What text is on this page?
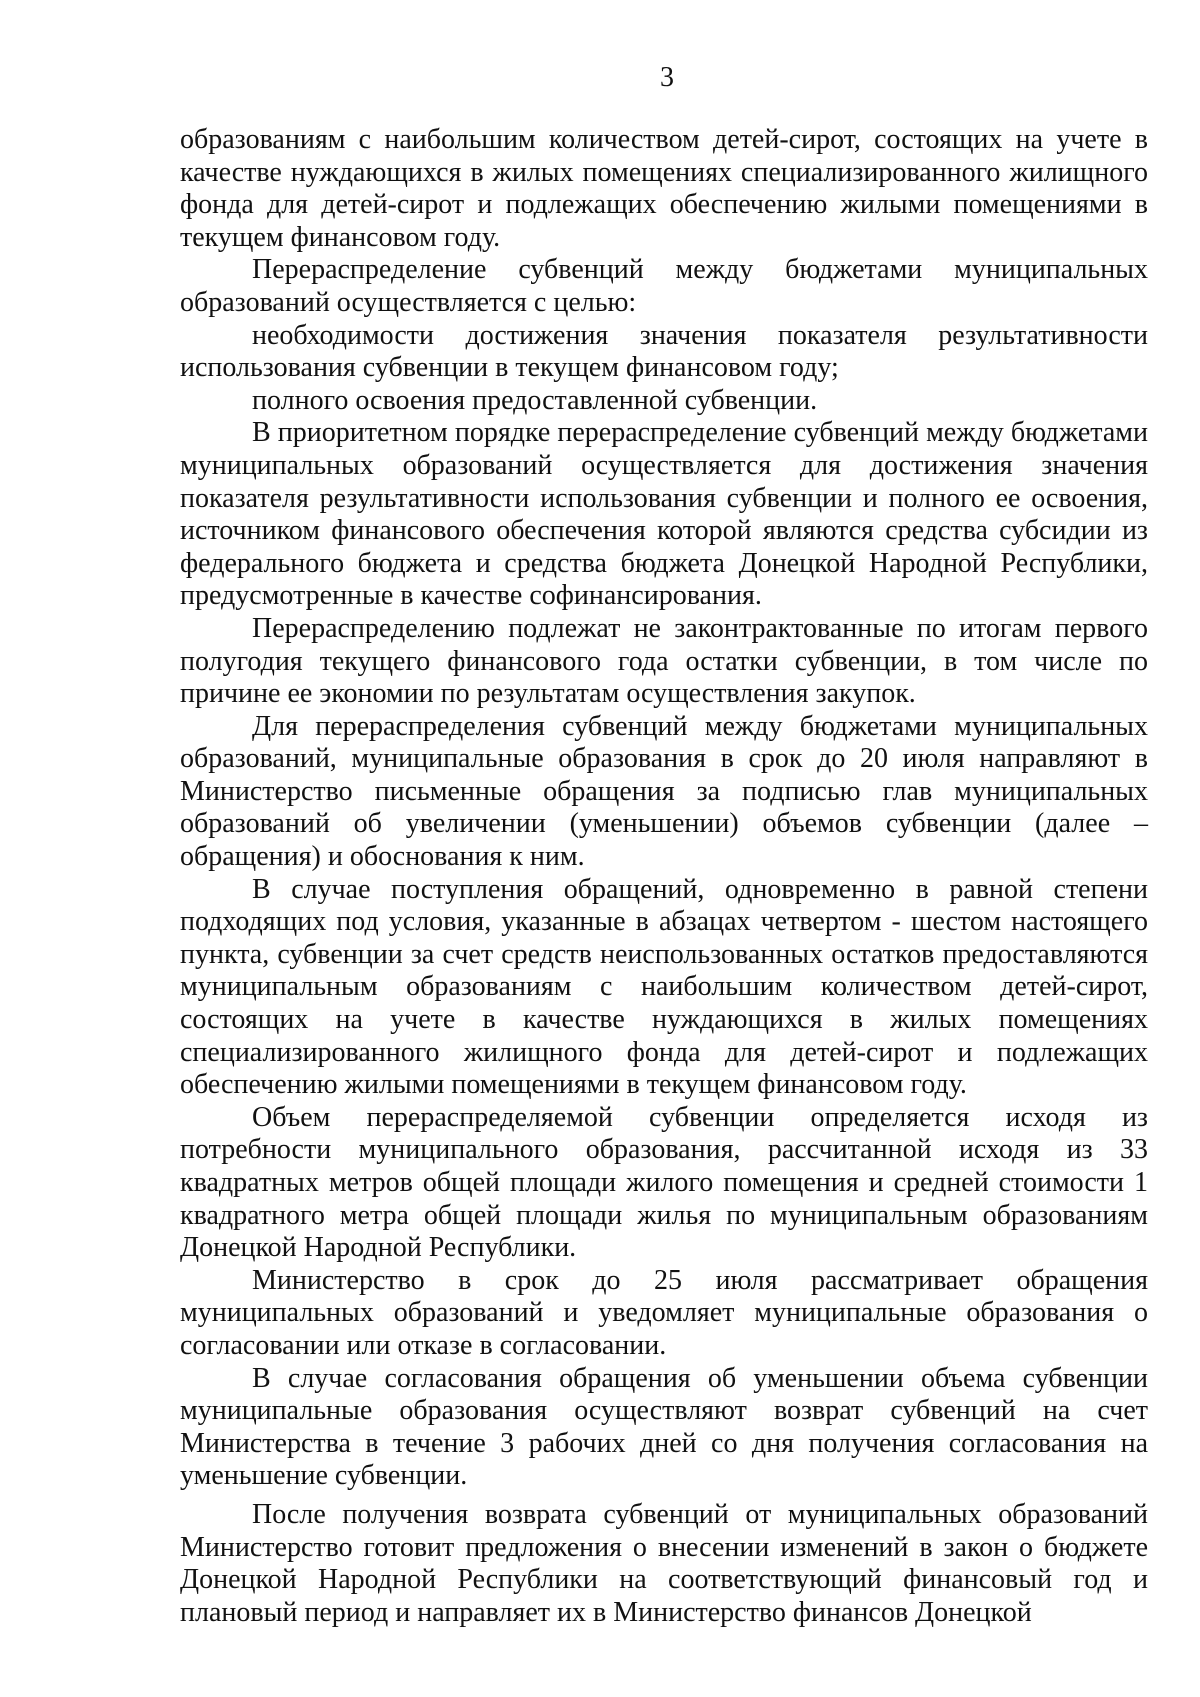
3

образованиям с наибольшим количеством детей-сирот, состоящих на учете в качестве нуждающихся в жилых помещениях специализированного жилищного фонда для детей-сирот и подлежащих обеспечению жилыми помещениями в текущем финансовом году.

Перераспределение субвенций между бюджетами муниципальных образований осуществляется с целью:

необходимости достижения значения показателя результативности использования субвенции в текущем финансовом году;

полного освоения предоставленной субвенции.

В приоритетном порядке перераспределение субвенций между бюджетами муниципальных образований осуществляется для достижения значения показателя результативности использования субвенции и полного ее освоения, источником финансового обеспечения которой являются средства субсидии из федерального бюджета и средства бюджета Донецкой Народной Республики, предусмотренные в качестве софинансирования.

Перераспределению подлежат не законтрактованные по итогам первого полугодия текущего финансового года остатки субвенции, в том числе по причине ее экономии по результатам осуществления закупок.

Для перераспределения субвенций между бюджетами муниципальных образований, муниципальные образования в срок до 20 июля направляют в Министерство письменные обращения за подписью глав муниципальных образований об увеличении (уменьшении) объемов субвенции (далее – обращения) и обоснования к ним.

В случае поступления обращений, одновременно в равной степени подходящих под условия, указанные в абзацах четвертом - шестом настоящего пункта, субвенции за счет средств неиспользованных остатков предоставляются муниципальным образованиям с наибольшим количеством детей-сирот, состоящих на учете в качестве нуждающихся в жилых помещениях специализированного жилищного фонда для детей-сирот и подлежащих обеспечению жилыми помещениями в текущем финансовом году.

Объем перераспределяемой субвенции определяется исходя из потребности муниципального образования, рассчитанной исходя из 33 квадратных метров общей площади жилого помещения и средней стоимости 1 квадратного метра общей площади жилья по муниципальным образованиям Донецкой Народной Республики.

Министерство в срок до 25 июля рассматривает обращения муниципальных образований и уведомляет муниципальные образования о согласовании или отказе в согласовании.

В случае согласования обращения об уменьшении объема субвенции муниципальные образования осуществляют возврат субвенций на счет Министерства в течение 3 рабочих дней со дня получения согласования на уменьшение субвенции.

После получения возврата субвенций от муниципальных образований Министерство готовит предложения о внесении изменений в закон о бюджете Донецкой Народной Республики на соответствующий финансовый год и плановый период и направляет их в Министерство финансов Донецкой
